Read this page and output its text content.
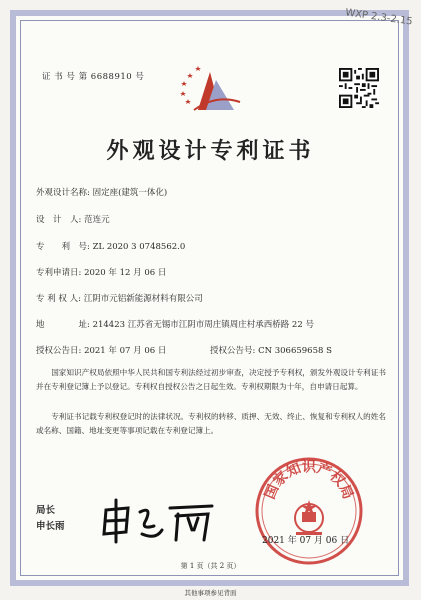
WXP 2.3-2.15
证 书 号 第 6688910 号
外观设计专利证书
外观设计名称: 固定座(建筑一体化)
设　计　人: 范连元
专　　利　号: ZL 2020 3 0748562.0
专利申请日: 2020 年 12 月 06 日
专 利 权 人: 江阴市元铝新能源材料有限公司
地　　　　址: 214423 江苏省无锡市江阴市周庄镇周庄村承西桥路 22 号
授权公告日: 2021 年 07 月 06 日	授权公告号: CN 306659658 S
国家知识产权局依照中华人民共和国专利法经过初步审查，决定授予专利权，颁发外观设计专利证书并在专利登记簿上予以登记。专利权自授权公告之日起生效。专利权期限为十年，自申请日起算。
专利证书记载专利权登记时的法律状况。专利权的转移、质押、无效、终止、恢复和专利权人的姓名或名称、国籍、地址变更等事项记载在专利登记簿上。
局长
申长雨
国家知识产权局
2021 年 07 月 06 日
第 1 页（共 2 页）
其他事项参见背面
